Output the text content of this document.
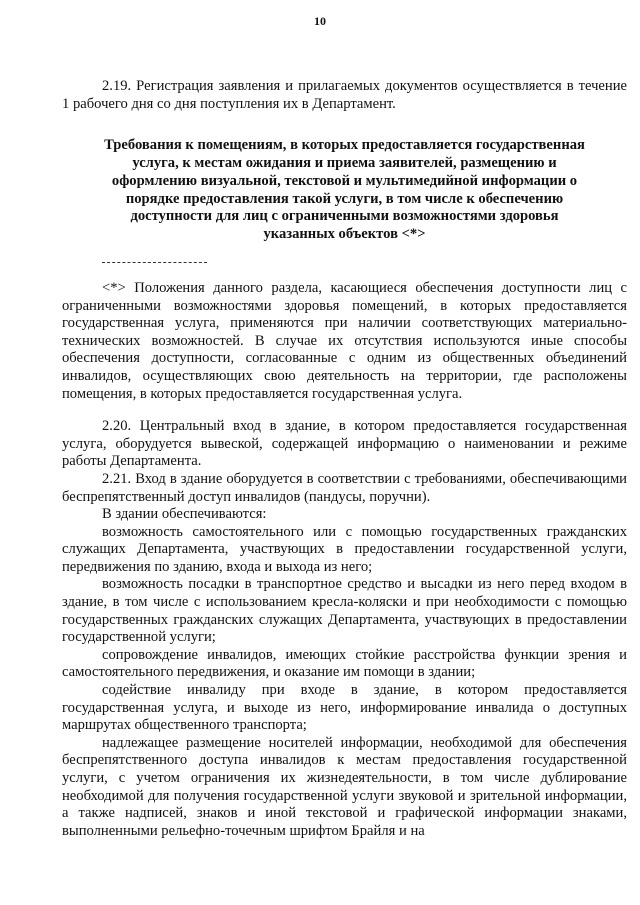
10

2.19. Регистрация заявления и прилагаемых документов осуществляется в течение 1 рабочего дня со дня поступления их в Департамент.

Требования к помещениям, в которых предоставляется государственная услуга, к местам ожидания и приема заявителей, размещению и оформлению визуальной, текстовой и мультимедийной информации о порядке предоставления такой услуги, в том числе к обеспечению доступности для лиц с ограниченными возможностями здоровья указанных объектов <*>

<*> Положения данного раздела, касающиеся обеспечения доступности лиц с ограниченными возможностями здоровья помещений, в которых предоставляется государственная услуга, применяются при наличии соответствующих материально-технических возможностей. В случае их отсутствия используются иные способы обеспечения доступности, согласованные с одним из общественных объединений инвалидов, осуществляющих свою деятельность на территории, где расположены помещения, в которых предоставляется государственная услуга.

2.20. Центральный вход в здание, в котором предоставляется государственная услуга, оборудуется вывеской, содержащей информацию о наименовании и режиме работы Департамента.

2.21. Вход в здание оборудуется в соответствии с требованиями, обеспечивающими беспрепятственный доступ инвалидов (пандусы, поручни).

В здании обеспечиваются:

возможность самостоятельного или с помощью государственных гражданских служащих Департамента, участвующих в предоставлении государственной услуги, передвижения по зданию, входа и выхода из него;

возможность посадки в транспортное средство и высадки из него перед входом в здание, в том числе с использованием кресла-коляски и при необходимости с помощью государственных гражданских служащих Департамента, участвующих в предоставлении государственной услуги;

сопровождение инвалидов, имеющих стойкие расстройства функции зрения и самостоятельного передвижения, и оказание им помощи в здании;

содействие инвалиду при входе в здание, в котором предоставляется государственная услуга, и выходе из него, информирование инвалида о доступных маршрутах общественного транспорта;

надлежащее размещение носителей информации, необходимой для обеспечения беспрепятственного доступа инвалидов к местам предоставления государственной услуги, с учетом ограничения их жизнедеятельности, в том числе дублирование необходимой для получения государственной услуги звуковой и зрительной информации, а также надписей, знаков и иной текстовой и графической информации знаками, выполненными рельефно-точечным шрифтом Брайля и на
